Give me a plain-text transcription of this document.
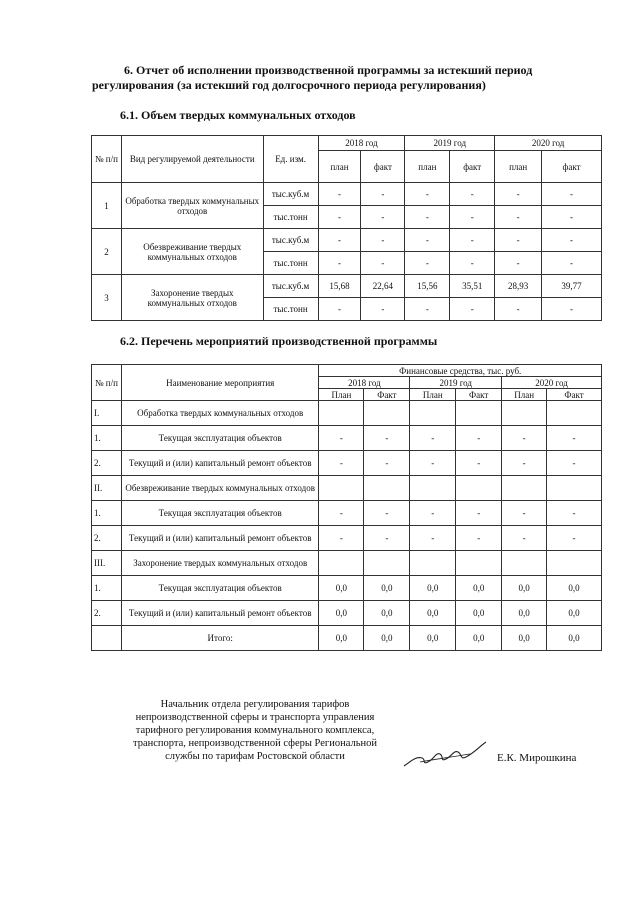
6. Отчет об исполнении производственной программы за истекший период
регулирования (за истекший год долгосрочного периода регулирования)
6.1. Объем твердых коммунальных отходов
№ п/п	Вид регулируемой деятельности	Ед. изм.	2018 год		2019 год		2020 год	
			план	факт	план	факт	план	факт
1	Обработка твердых коммунальных отходов	тыс.куб.м	-	-	-	-	-	-
		тыс.тонн	-	-	-	-	-	-
2	Обезвреживание твердых коммунальных отходов	тыс.куб.м	-	-	-	-	-	-
		тыс.тонн	-	-	-	-	-	-
3	Захоронение твердых коммунальных отходов	тыс.куб.м	15,68	22,64	15,56	35,51	28,93	39,77
		тыс.тонн	-	-	-	-	-	-
6.2. Перечень мероприятий производственной программы
№ п/п	Наименование мероприятия	Финансовые средства, тыс. руб.					
		2018 год		2019 год		2020 год	
		План	Факт	План	Факт	План	Факт
I.	Обработка твердых коммунальных отходов						
1.	Текущая эксплуатация объектов	-	-	-	-	-	-
2.	Текущий и (или) капитальный ремонт объектов	-	-	-	-	-	-
II.	Обезвреживание твердых коммунальных отходов						
1.	Текущая эксплуатация объектов	-	-	-	-	-	-
2.	Текущий и (или) капитальный ремонт объектов	-	-	-	-	-	-
III.	Захоронение твердых коммунальных отходов						
1.	Текущая эксплуатация объектов	0,0	0,0	0,0	0,0	0,0	0,0
2.	Текущий и (или) капитальный ремонт объектов	0,0	0,0	0,0	0,0	0,0	0,0
	Итого:	0,0	0,0	0,0	0,0	0,0	0,0
Начальник отдела регулирования тарифов
непроизводственной сферы и транспорта управления
тарифного регулирования коммунального комплекса,
транспорта, непроизводственной сферы Региональной
службы по тарифам Ростовской области	Е.К. Мирошкина
